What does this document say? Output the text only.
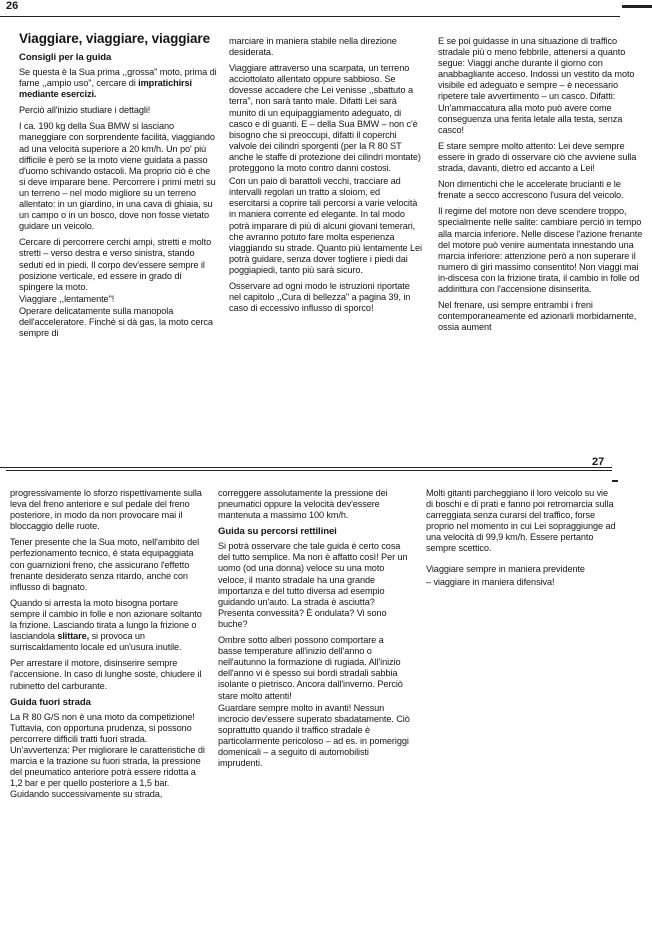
26
Viaggiare, viaggiare, viaggiare
Consigli per la guida

Se questa è la Sua prima ,,grossa" moto, prima di farne ,,ampio uso", cercare di impratichirsi mediante esercizi.

Perciò all'inizio studiare i dettagli!

I ca. 190 kg della Sua BMW si lasciano maneggiare con sorprendente facilità, viaggiando ad una velocità superiore a 20 km/h. Un po' più difficile è però se la moto viene guidata a passo d'uomo schivando ostacoli. Ma proprio ciò è che si deve imparare bene. Percorrere i primi metri su un terreno – nel modo migliore su un terreno allentato: in un giardino, in una cava di ghiaia, su un campo o in un bosco, dove non fosse vietato guidare un veicolo.

Cercare di percorrere cerchi ampi, stretti e molto stretti – verso destra e verso sinistra, stando seduti ed in piedi. Il corpo dev'essere sempre il posizione verticale, ed essere in grado di spingere la moto.

Viaggiare ,,lentamente"!

Operare delicatamente sulla manopola dell'acceleratore. Finchè si dà gas, la moto cerca sempre di

marciare in maniera stabile nella direzione desiderata.

Viaggiare attraverso una scarpata, un terreno acciottolato allentato oppure sabbioso. Se dovesse accadere che Lei venisse ,,sbattuto a terra", non sarà tanto male. Difatti Lei sarà munito di un equipaggiamento adeguato, di casco e di guanti. E – della Sua BMW – non c'è bisogno che si preoccupi, difatti il coperchi valvole dei cilindri sporgenti (per la R 80 ST anche le staffe di protezione dei cilindri montate) proteggono la moto contro danni costosi.

Con un paio di barattoli vecchi, tracciare ad intervalli regolari un tratto a sloiom, ed esercitarsi a coprire tali percorsi a varie velocità in maniera corrente ed elegante. In tal modo potrà imparare di più di alcuni giovani temerari, che avranno potuto fare molta esperienza viaggiando su strade. Quanto più lentamente Lei potrà guidare, senza dover togliere i piedi dai poggiapiedi, tanto più sarà sicuro.

Osservare ad ogni modo le istruzioni riportate nel capitolo ,,Cura di bellezza" a pagina 39, in caso di eccessivo influsso di sporco!

E se poi guidasse in una situazione di traffico stradale più o meno febbrile, attenersi a quanto segue: Viaggi anche durante il giorno con anabbagliante acceso. Indossi un vestito da moto visibile ed adeguato e sempre – è necessario ripetere tale avvertimento – un casco. Difatti: Un'ammaccatura alla moto può avere come conseguenza una ferita letale alla testa, senza casco!

E stare sempre molto attento: Lei deve sempre essere in grado di osservare ciò che avviene sulla strada, davanti, dietro ed accanto a Lei!

Non dimentichi che le accelerate brucianti e le frenate a secco accrescono l'usura del veicolo.

Il regime del motore non deve scendere troppo, specialmente nelle salite: cambiare perciò in tempo alla marcia inferiore. Nelle discese l'azione frenante del motore può venire aumentata innestando una marcia inferiore: attenzione però a non superare il numero di giri massimo consentito! Non viaggi mai in-discesa con la frizione tirata, il cambio in folle od addirittura con l'accensione disinserita.

Nel frenare, usi sempre entrambi i freni contemporaneamente ed azionarli morbidamente, ossia aument

27

progressivamente lo sforzo rispettivamente sulla leva del freno anteriore e sul pedale del freno posteriore, in modo da non provocare mai il bloccaggio delle ruote.

Tener presente che la Sua moto, nell'ambito del perfezionamento tecnico, è stata equipaggiata con guarnizioni freno, che assicurano l'effetto frenante desiderato senza ritardo, anche con influsso di bagnato.

Quando si arresta la moto bisogna portare sempre il cambio in folle e non azionare soltanto la frizione. Lasciando tirata a lungo la frizione o lasciandola slittare, si provoca un surriscaldamento locale ed un'usura inutile.

Per arrestare il motore, disinserire sempre l'accensione. In caso di lunghe soste, chiudere il rubinetto del carburante.

Guida fuori strada

La R 80 G/S non è una moto da competizione! Tuttavia, con opportuna prudenza, si possono percorrere difficili tratti fuori strada. Un'avvertenza: Per migliorare le caratteristiche di marcia e la trazione su fuori strada, la pressione del pneumatico anteriore potrà essere ridotta a 1,2 bar e per quello posteriore a 1,5 bar. Guidando successivamente su strada,

correggere assolutamente la pressione dei pneumatici oppure la velocità dev'essere mantenuta a massimo 100 km/h.

Guida su percorsi rettilinei

Si potrà osservare che tale guida è certo cosa del tutto semplice. Ma non è affatto così! Per un uomo (od una donna) veloce su una moto veloce, il manto stradale ha una grande importanza e del tutto diversa ad esempio guidando un'auto. La strada è asciutta? Presenta convessità? È ondulata? Vi sono buche?

Ombre sotto alberi possono comportare a basse temperature all'inizio dell'anno o nell'autunno la formazione di rugiada. All'inizio dell'anno vi è spesso sui bordi stradali sabbia isolante o pietrisco. Ancora dall'inverno. Perciò stare molto attenti!

Guardare sempre molto in avanti! Nessun incrocio dev'essere superato sbadatamente. Ciò soprattutto quando il traffico stradale è particolarmente pericoloso – ad es. in pomeriggi domenicali – a seguito di automobilisti imprudenti.

Molti gitanti parcheggiano il loro veicolo su vie di boschi e di prati e fanno poi retromarcia sulla carreggiata senza curarsi del traffico, forse proprio nel momento in cui Lei sopraggiunge ad una velocità di 99,9 km/h. Essere pertanto sempre scettico.

Viaggiare sempre in maniera previdente

– viaggiare in maniera difensiva!
